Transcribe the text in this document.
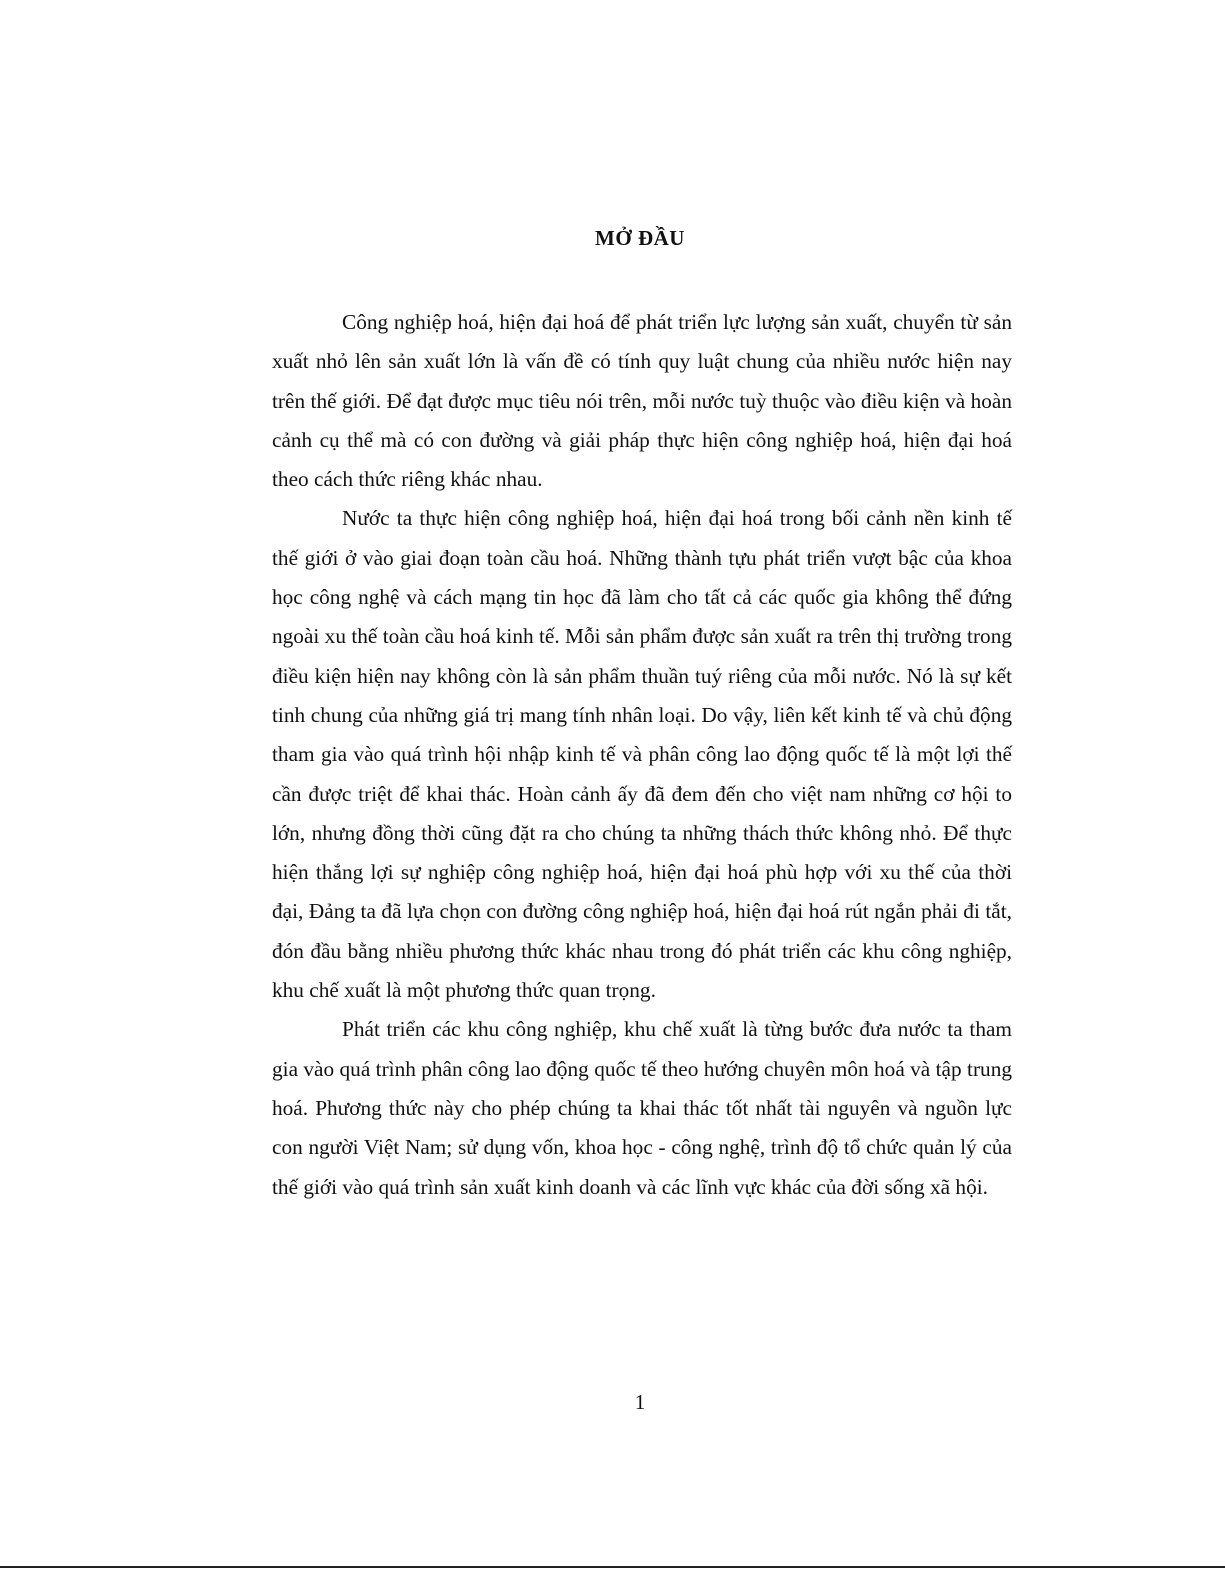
MỞ ĐẦU

Công nghiệp hoá, hiện đại hoá để phát triển lực lượng sản xuất, chuyển từ sản xuất nhỏ lên sản xuất lớn là vấn đề có tính quy luật chung của nhiều nước hiện nay trên thế giới. Để đạt được mục tiêu nói trên, mỗi nước tuỳ thuộc vào điều kiện và hoàn cảnh cụ thể mà có con đường và giải pháp thực hiện công nghiệp hoá, hiện đại hoá theo cách thức riêng khác nhau.

Nước ta thực hiện công nghiệp hoá, hiện đại hoá trong bối cảnh nền kinh tế thế giới ở vào giai đoạn toàn cầu hoá. Những thành tựu phát triển vượt bậc của khoa học công nghệ và cách mạng tin học đã làm cho tất cả các quốc gia không thể đứng ngoài xu thế toàn cầu hoá kinh tế. Mỗi sản phẩm được sản xuất ra trên thị trường trong điều kiện hiện nay không còn là sản phẩm thuần tuý riêng của mỗi nước. Nó là sự kết tinh chung của những giá trị mang tính nhân loại. Do vậy, liên kết kinh tế và chủ động tham gia vào quá trình hội nhập kinh tế và phân công lao động quốc tế là một lợi thế cần được triệt để khai thác. Hoàn cảnh ấy đã đem đến cho việt nam những cơ hội to lớn, nhưng đồng thời cũng đặt ra cho chúng ta những thách thức không nhỏ. Để thực hiện thắng lợi sự nghiệp công nghiệp hoá, hiện đại hoá phù hợp với xu thế của thời đại, Đảng ta đã lựa chọn con đường công nghiệp hoá, hiện đại hoá rút ngắn phải đi tắt, đón đầu bằng nhiều phương thức khác nhau trong đó phát triển các khu công nghiệp, khu chế xuất là một phương thức quan trọng.

Phát triển các khu công nghiệp, khu chế xuất là từng bước đưa nước ta tham gia vào quá trình phân công lao động quốc tế theo hướng chuyên môn hoá và tập trung hoá. Phương thức này cho phép chúng ta khai thác tốt nhất tài nguyên và nguồn lực con người Việt Nam; sử dụng vốn, khoa học - công nghệ, trình độ tổ chức quản lý của thế giới vào quá trình sản xuất kinh doanh và các lĩnh vực khác của đời sống xã hội.

1
